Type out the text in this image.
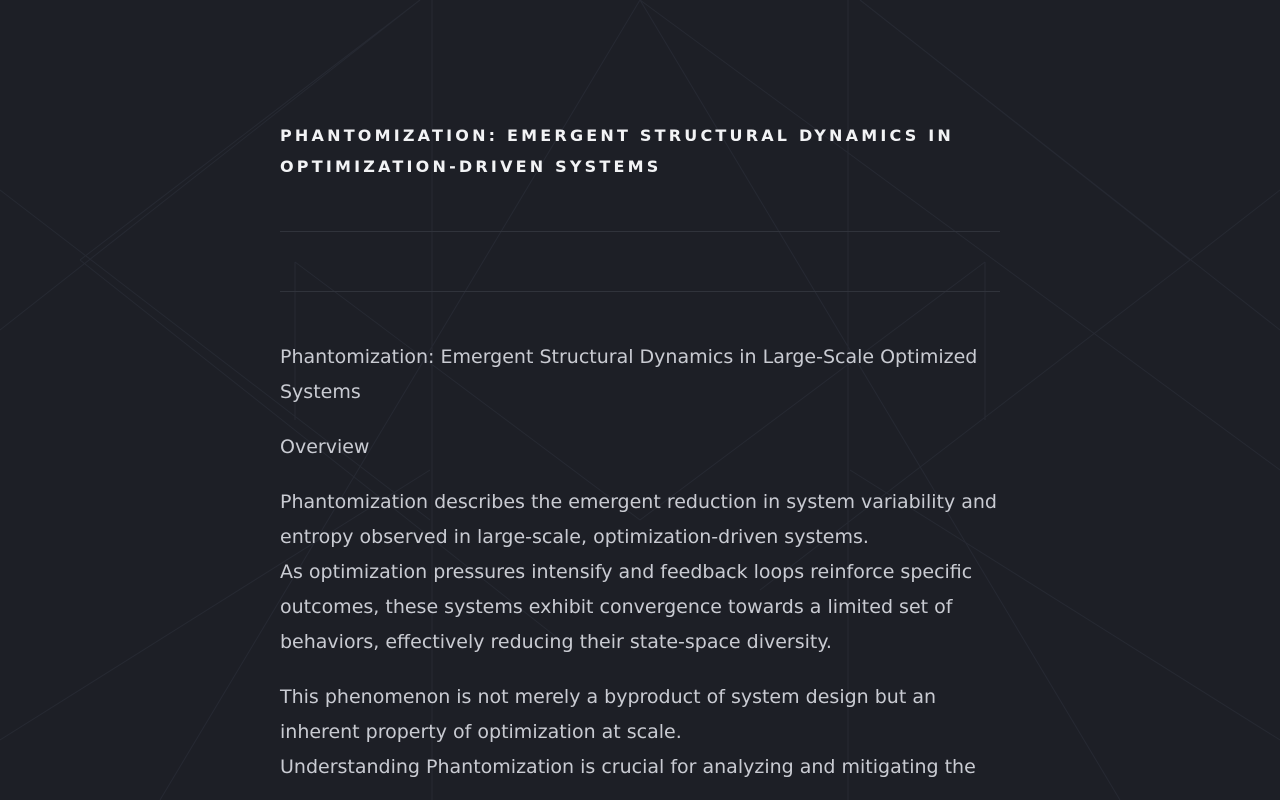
PHANTOMIZATION: EMERGENT STRUCTURAL DYNAMICS IN OPTIMIZATION-DRIVEN SYSTEMS

Phantomization: Emergent Structural Dynamics in Large-Scale Optimized Systems

Overview

Phantomization describes the emergent reduction in system variability and entropy observed in large-scale, optimization-driven systems.
As optimization pressures intensify and feedback loops reinforce specific outcomes, these systems exhibit convergence towards a limited set of behaviors, effectively reducing their state-space diversity.

This phenomenon is not merely a byproduct of system design but an inherent property of optimization at scale.
Understanding Phantomization is crucial for analyzing and mitigating the
